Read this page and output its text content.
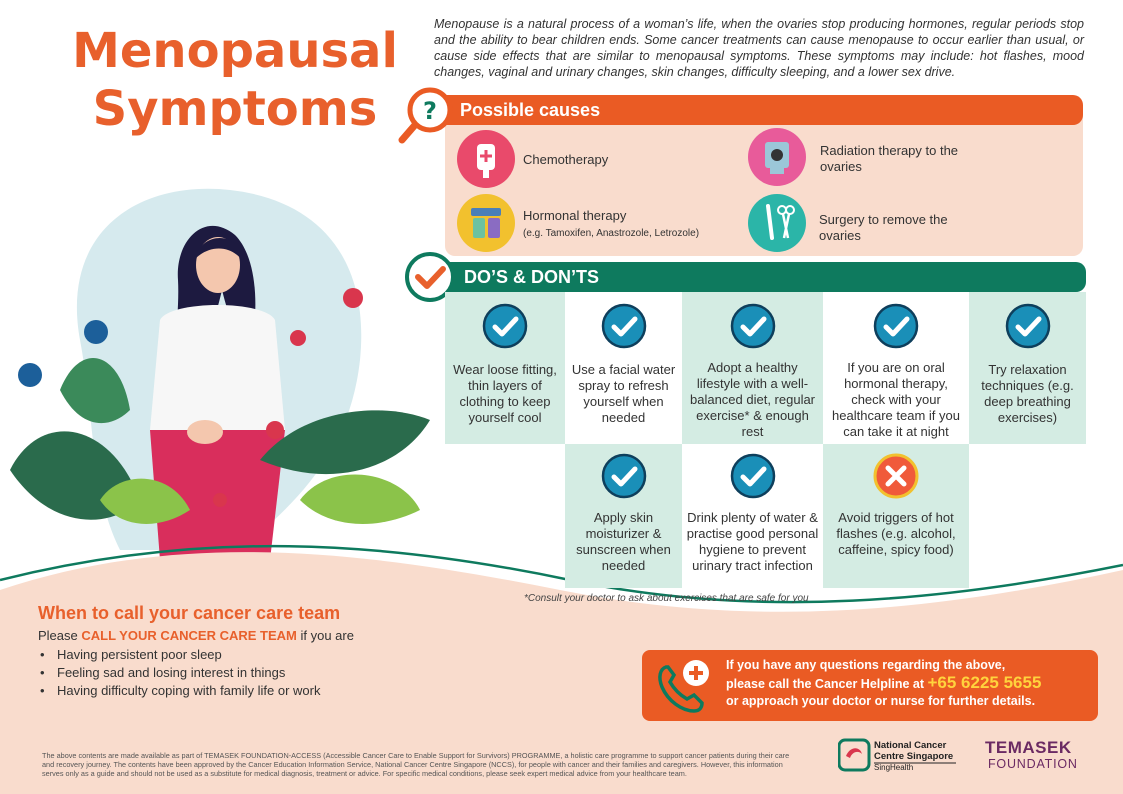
Menopausal
Symptoms
Menopause is a natural process of a woman’s life, when the ovaries stop producing hormones, regular periods stop and the ability to bear children ends. Some cancer treatments can cause menopause to occur earlier than usual, or cause side effects that are similar to menopausal symptoms. These symptoms may include: hot flashes, mood changes, vaginal and urinary changes, skin changes, difficulty sleeping, and a lower sex drive.
Possible causes
?
Chemotherapy
Radiation therapy to the ovaries
Hormonal therapy
(e.g. Tamoxifen, Anastrozole, Letrozole)
Surgery to remove the ovaries
DO’S & DON’TS
Wear loose fitting, thin layers of clothing to keep yourself cool
Use a facial water spray to refresh yourself when needed
Adopt a healthy lifestyle with a well-balanced diet, regular exercise* & enough rest
If you are on oral hormonal therapy, check with your healthcare team if you can take it at night
Try relaxation techniques (e.g. deep breathing exercises)
Apply skin moisturizer & sunscreen when needed
Drink plenty of water & practise good personal hygiene to prevent urinary tract infection
Avoid triggers of hot flashes (e.g. alcohol, caffeine, spicy food)
*Consult your doctor to ask about exercises that are safe for you
When to call your cancer care team
Please CALL YOUR CANCER CARE TEAM if you are
• Having persistent poor sleep
• Feeling sad and losing interest in things
• Having difficulty coping with family life or work
If you have any questions regarding the above,
please call the Cancer Helpline at +65 6225 5655
or approach your doctor or nurse for further details.
The above contents are made available as part of TEMASEK FOUNDATION-ACCESS (Accessible Cancer Care to Enable Support for Survivors) PROGRAMME, a holistic care programme to support cancer patients during their care and recovery journey. The contents have been approved by the Cancer Education Information Service, National Cancer Centre Singapore (NCCS), for people with cancer and their families and caregivers. However, this information serves only as a guide and should not be used as a substitute for medical diagnosis, treatment or advice. For specific medical conditions, please seek expert medical advice from your healthcare team.
National Cancer
Centre Singapore
SingHealth
TEMASEK
FOUNDATION
